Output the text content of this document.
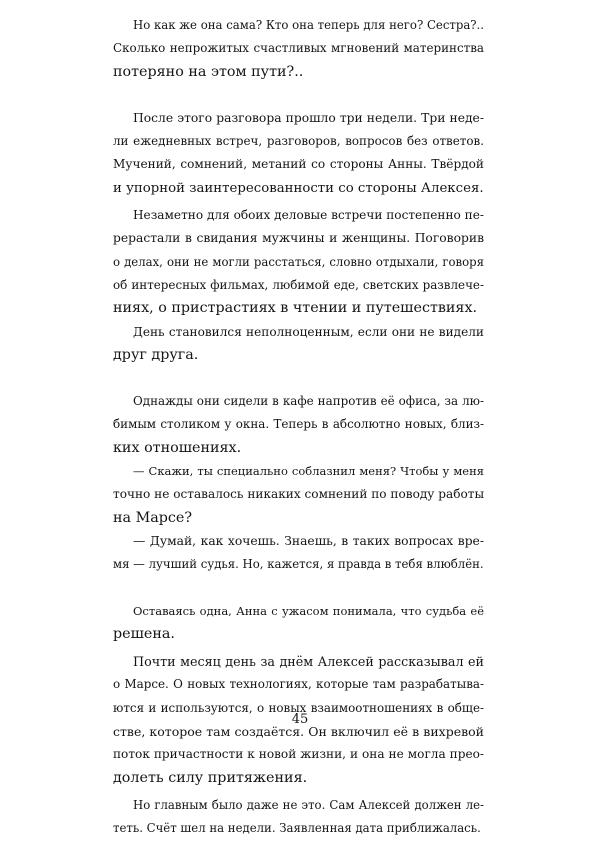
Но как же она сама? Кто она теперь для него? Сестра?..
Сколько непрожитых счастливых мгновений материнства
потеряно на этом пути?..

После этого разговора прошло три недели. Три неде-
ли ежедневных встреч, разговоров, вопросов без ответов.
Мучений, сомнений, метаний со стороны Анны. Твёрдой
и упорной заинтересованности со стороны Алексея.

Незаметно для обоих деловые встречи постепенно пе-
рерастали в свидания мужчины и женщины. Поговорив
о делах, они не могли расстаться, словно отдыхали, говоря
об интересных фильмах, любимой еде, светских развлече-
ниях, о пристрастиях в чтении и путешествиях.

День становился неполноценным, если они не видели
друг друга.

Однажды они сидели в кафе напротив её офиса, за лю-
бимым столиком у окна. Теперь в абсолютно новых, близ-
ких отношениях.

— Скажи, ты специально соблазнил меня? Чтобы у меня
точно не оставалось никаких сомнений по поводу работы
на Марсе?

— Думай, как хочешь. Знаешь, в таких вопросах вре-
мя — лучший судья. Но, кажется, я правда в тебя влюблён.

Оставаясь одна, Анна с ужасом понимала, что судьба её
решена.

Почти месяц день за днём Алексей рассказывал ей
о Марсе. О новых технологиях, которые там разрабатыва-
ются и используются, о новых взаимоотношениях в обще-
стве, которое там создаётся. Он включил её в вихревой
поток причастности к новой жизни, и она не могла прео-
долеть силу притяжения.

Но главным было даже не это. Сам Алексей должен ле-
теть. Счёт шел на недели. Заявленная дата приближалась.

45
